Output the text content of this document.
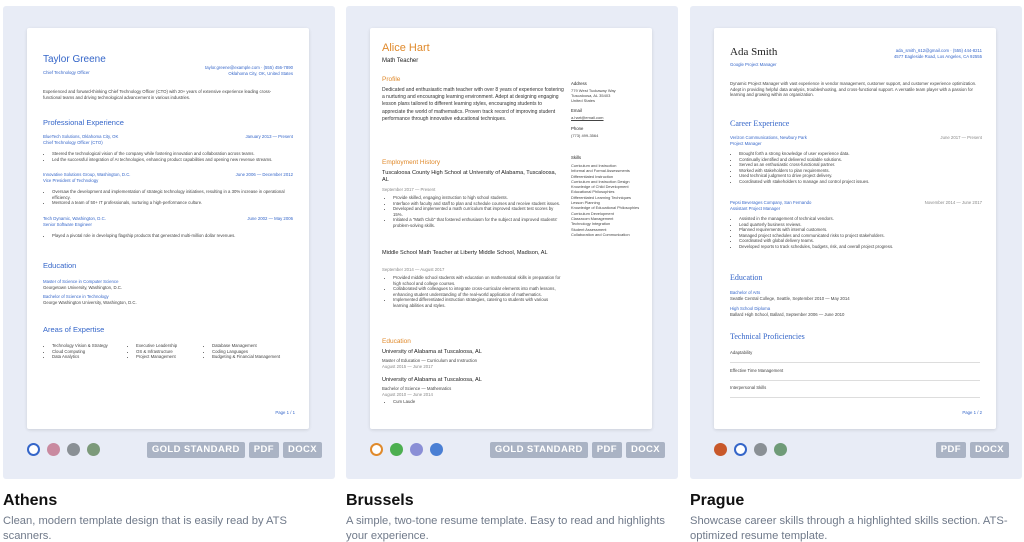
Taylor Greene
Chief Technology Officer
taylor.greene@example.com · (555) 456-7890
Oklahoma City, OK, United States
Experienced and forward-thinking Chief Technology Officer (CTO) with 20+ years of extensive experience leading cross-functional teams and driving technological advancement in various industries.
Professional Experience
BlueTech Solutions, Oklahoma City, OK	January 2013 — Present
Chief Technology Officer (CTO)
• Steered the technological vision of the company while fostering innovation and collaboration across teams.
• Led the successful integration of AI technologies, enhancing product capabilities and opening new revenue streams.
Innovative Solutions Group, Washington, D.C.	June 2006 — December 2012
Vice President of Technology
• Oversaw the development and implementation of strategic technology initiatives, resulting in a 30% increase in operational efficiency.
• Mentored a team of 50+ IT professionals, nurturing a high-performance culture.
Tech Dynamic, Washington, D.C.	June 2002 — May 2006
Senior Software Engineer
• Played a pivotal role in developing flagship products that generated multi-million dollar revenues.
Education
Master of Science in Computer Science
Georgetown University, Washington, D.C.
Bachelor of Science in Technology
George Washington University, Washington, D.C.
Areas of Expertise
• Technology Vision & Strategy
• Cloud Computing
• Data Analytics
• Executive Leadership
• OS & Infrastructure
• Project Management
• Database Management
• Coding Languages
• Budgeting & Financial Management
Page 1 / 1
GOLD STANDARD	PDF	DOCX
Athens
Clean, modern template design that is easily read by ATS scanners.
Alice Hart
Math Teacher
Profile
Dedicated and enthusiastic math teacher with over 8 years of experience fostering a nurturing and encouraging learning environment. Adept at designing engaging lesson plans tailored to different learning styles, encouraging students to appreciate the world of mathematics. Proven track record of improving student performance through innovative educational techniques.
Employment History
Tuscaloosa County High School at University of Alabama, Tuscaloosa, AL
September 2017 — Present
• Provide skilled, engaging instruction to high school students.
• Interface with faculty and staff to plan and schedule courses and receive student issues.
• Developed and implemented a math curriculum that improved student test scores by 15%.
• Initiated a "Math Club" that fostered enthusiasm for the subject and improved students' problem-solving skills.
Middle School Math Teacher at Liberty Middle School, Madison, AL
September 2014 — August 2017
• Provided middle school students with education on mathematical skills in preparation for high school and college courses.
• Collaborated with colleagues to integrate cross-curricular elements into math lessons, enhancing student understanding of the real-world application of mathematics.
• Implemented differentiated instruction strategies, catering to students with various learning abilities and styles.
Education
University of Alabama at Tuscaloosa, AL
Master of Education — Curriculum and Instruction
August 2015 — June 2017
University of Alabama at Tuscaloosa, AL
Bachelor of Science — Mathematics
August 2010 — June 2014
• Cum Laude
Address
779 West Tuckaway Way
Tuscaloosa, AL 35403
United States
Email
a.hart@email.com
Phone
(773) 499-3564
Skills
Curriculum and Instruction
Informal and Formal Assessments
Differentiated Instruction
Curriculum and Instruction Design
Knowledge of Child Development
Educational Philosophies
Differentiated Learning Techniques
Lesson Planning
Knowledge of Educational Philosophies
Curriculum Development
Classroom Management
Technology Integration
Student Assessment
Collaboration and Communication
GOLD STANDARD	PDF	DOCX
Brussels
A simple, two-tone resume template. Easy to read and highlights your experience.
Ada Smith
Google Project Manager
ada_smith_612@gmail.com · (555) 444-8211
4577 Eagleside Road, Los Angeles, CA 92555
Dynamic Project Manager with vast experience in vendor management, customer support, and customer experience optimization. Adept in providing helpful data analysis, troubleshooting, and cross-functional support. A versatile team player with a passion for learning and growing within an organization.
Career Experience
Verizon Communications, Newbury Park	June 2017 — Present
Project Manager
• Brought forth a strong knowledge of user experience data.
• Continually identified and delivered scalable solutions.
• Served as an enthusiastic cross-functional partner.
• Worked with stakeholders to plan requirements.
• Used technical judgment to drive project delivery.
• Coordinated with stakeholders to manage and control project issues.
Pepsi Beverages Company, San Fernando	November 2014 — June 2017
Assistant Project Manager
• Assisted in the management of technical vendors.
• Lead quarterly business reviews.
• Planned requirements with internal customers.
• Managed project schedules and communicated risks to project stakeholders.
• Coordinated with global delivery teams.
• Developed reports to track schedules, budgets, risk, and overall project progress.
Education
Bachelor of Arts
Seattle Central College, Seattle, September 2010 — May 2014
High School Diploma
Ballard High School, Ballard, September 2006 — June 2010
Technical Proficiencies
Adaptability
Effective Time Management
Interpersonal Skills
Page 1 / 2
PDF	DOCX
Prague
Showcase career skills through a highlighted skills section. ATS-optimized resume template.
